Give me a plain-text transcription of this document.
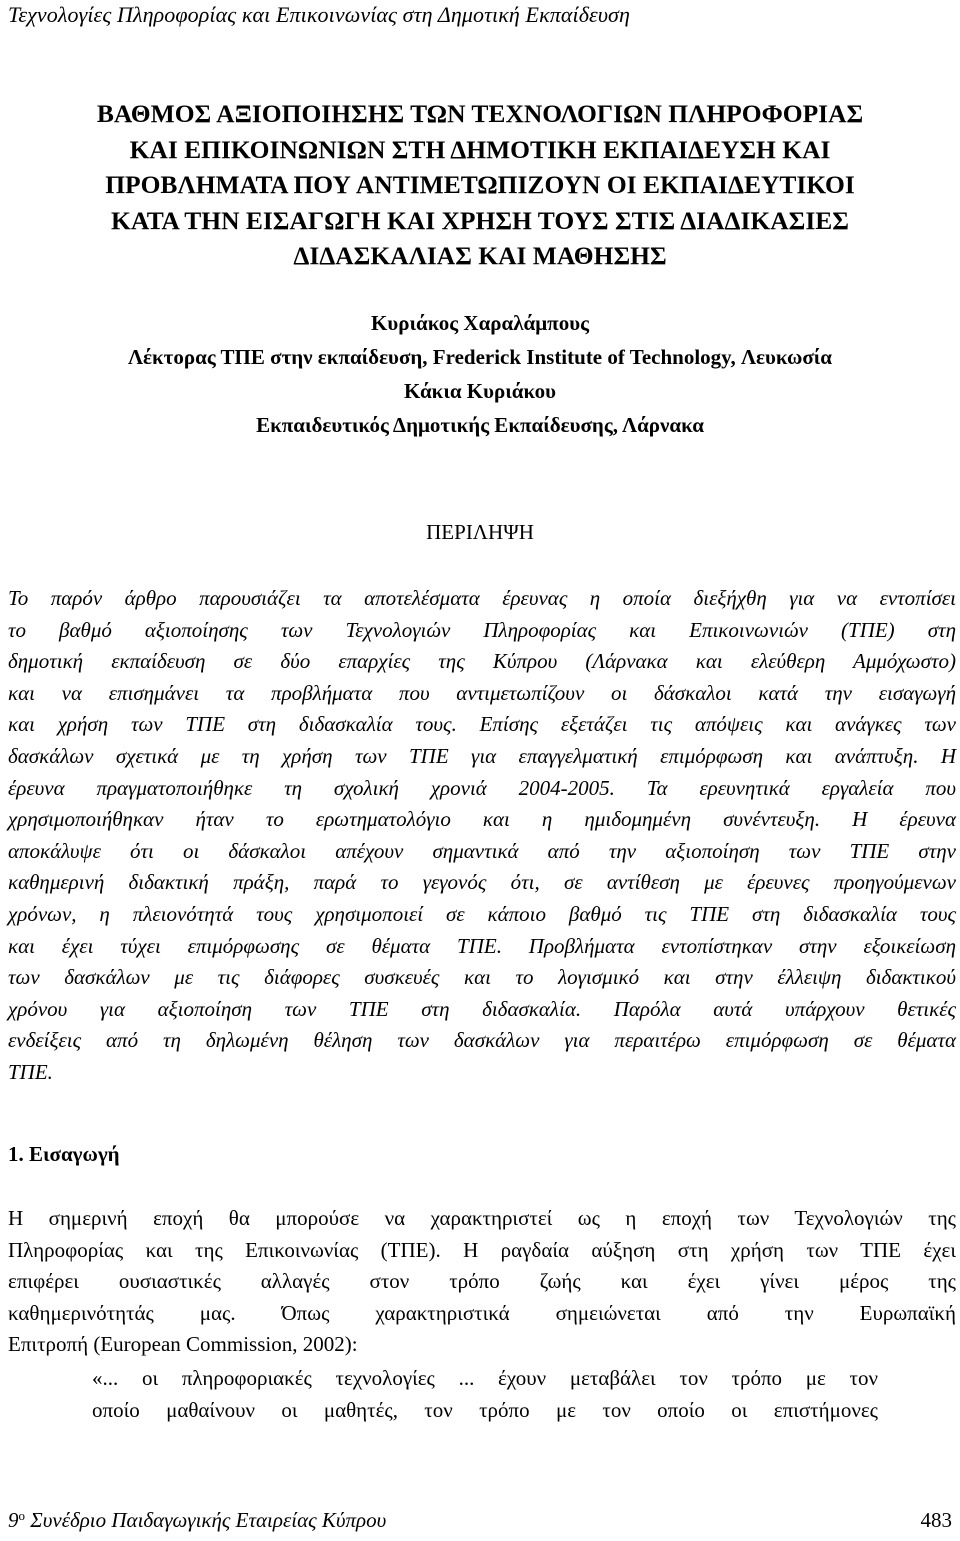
Τεχνολογίες Πληροφορίας και Επικοινωνίας στη Δημοτική Εκπαίδευση
ΒΑΘΜΟΣ ΑΞΙΟΠΟΙΗΣΗΣ ΤΩΝ ΤΕΧΝΟΛΟΓΙΩΝ ΠΛΗΡΟΦΟΡΙΑΣ
ΚΑΙ ΕΠΙΚΟΙΝΩΝΙΩΝ ΣΤΗ ΔΗΜΟΤΙΚΗ ΕΚΠΑΙΔΕΥΣΗ ΚΑΙ
ΠΡΟΒΛΗΜΑΤΑ ΠΟΥ ΑΝΤΙΜΕΤΩΠΙΖΟΥΝ ΟΙ ΕΚΠΑΙΔΕΥΤΙΚΟΙ
ΚΑΤΑ ΤΗΝ ΕΙΣΑΓΩΓΗ ΚΑΙ ΧΡΗΣΗ ΤΟΥΣ ΣΤΙΣ ΔΙΑΔΙΚΑΣΙΕΣ
ΔΙΔΑΣΚΑΛΙΑΣ ΚΑΙ ΜΑΘΗΣΗΣ
Κυριάκος Χαραλάμπους
Λέκτορας ΤΠΕ στην εκπαίδευση, Frederick Institute of Technology, Λευκωσία
Κάκια Κυριάκου
Εκπαιδευτικός Δημοτικής Εκπαίδευσης, Λάρνακα
ΠΕΡΙΛΗΨΗ
Το παρόν άρθρο παρουσιάζει τα αποτελέσματα έρευνας η οποία διεξήχθη για να εντοπίσει
το βαθμό αξιοποίησης των Τεχνολογιών Πληροφορίας και Επικοινωνιών (ΤΠΕ) στη
δημοτική εκπαίδευση σε δύο επαρχίες της Κύπρου (Λάρνακα και ελεύθερη Αμμόχωστο)
και να επισημάνει τα προβλήματα που αντιμετωπίζουν οι δάσκαλοι κατά την εισαγωγή
και χρήση των ΤΠΕ στη διδασκαλία τους. Επίσης εξετάζει τις απόψεις και ανάγκες των
δασκάλων σχετικά με τη χρήση των ΤΠΕ για επαγγελματική επιμόρφωση και ανάπτυξη. Η
έρευνα πραγματοποιήθηκε τη σχολική χρονιά 2004-2005. Τα ερευνητικά εργαλεία που
χρησιμοποιήθηκαν ήταν το ερωτηματολόγιο και η ημιδομημένη συνέντευξη. Η έρευνα
αποκάλυψε ότι οι δάσκαλοι απέχουν σημαντικά από την αξιοποίηση των ΤΠΕ στην
καθημερινή διδακτική πράξη, παρά το γεγονός ότι, σε αντίθεση με έρευνες προηγούμενων
χρόνων, η πλειονότητά τους χρησιμοποιεί σε κάποιο βαθμό τις ΤΠΕ στη διδασκαλία τους
και έχει τύχει επιμόρφωσης σε θέματα ΤΠΕ. Προβλήματα εντοπίστηκαν στην εξοικείωση
των δασκάλων με τις διάφορες συσκευές και το λογισμικό και στην έλλειψη διδακτικού
χρόνου για αξιοποίηση των ΤΠΕ στη διδασκαλία. Παρόλα αυτά υπάρχουν θετικές
ενδείξεις από τη δηλωμένη θέληση των δασκάλων για περαιτέρω επιμόρφωση σε θέματα
ΤΠΕ.
1. Εισαγωγή
Η σημερινή εποχή θα μπορούσε να χαρακτηριστεί ως η εποχή των Τεχνολογιών της
Πληροφορίας και της Επικοινωνίας (ΤΠΕ). Η ραγδαία αύξηση στη χρήση των ΤΠΕ έχει
επιφέρει ουσιαστικές αλλαγές στον τρόπο ζωής και έχει γίνει μέρος της
καθημερινότητάς μας. Όπως χαρακτηριστικά σημειώνεται από την Ευρωπαϊκή
Επιτροπή (European Commission, 2002):
«... οι πληροφοριακές τεχνολογίες ... έχουν μεταβάλει τον τρόπο με τον
οποίο μαθαίνουν οι μαθητές, τον τρόπο με τον οποίο οι επιστήμονες
$9^o$ Συνέδριο Παιδαγωγικής Εταιρείας Κύπρου	483
